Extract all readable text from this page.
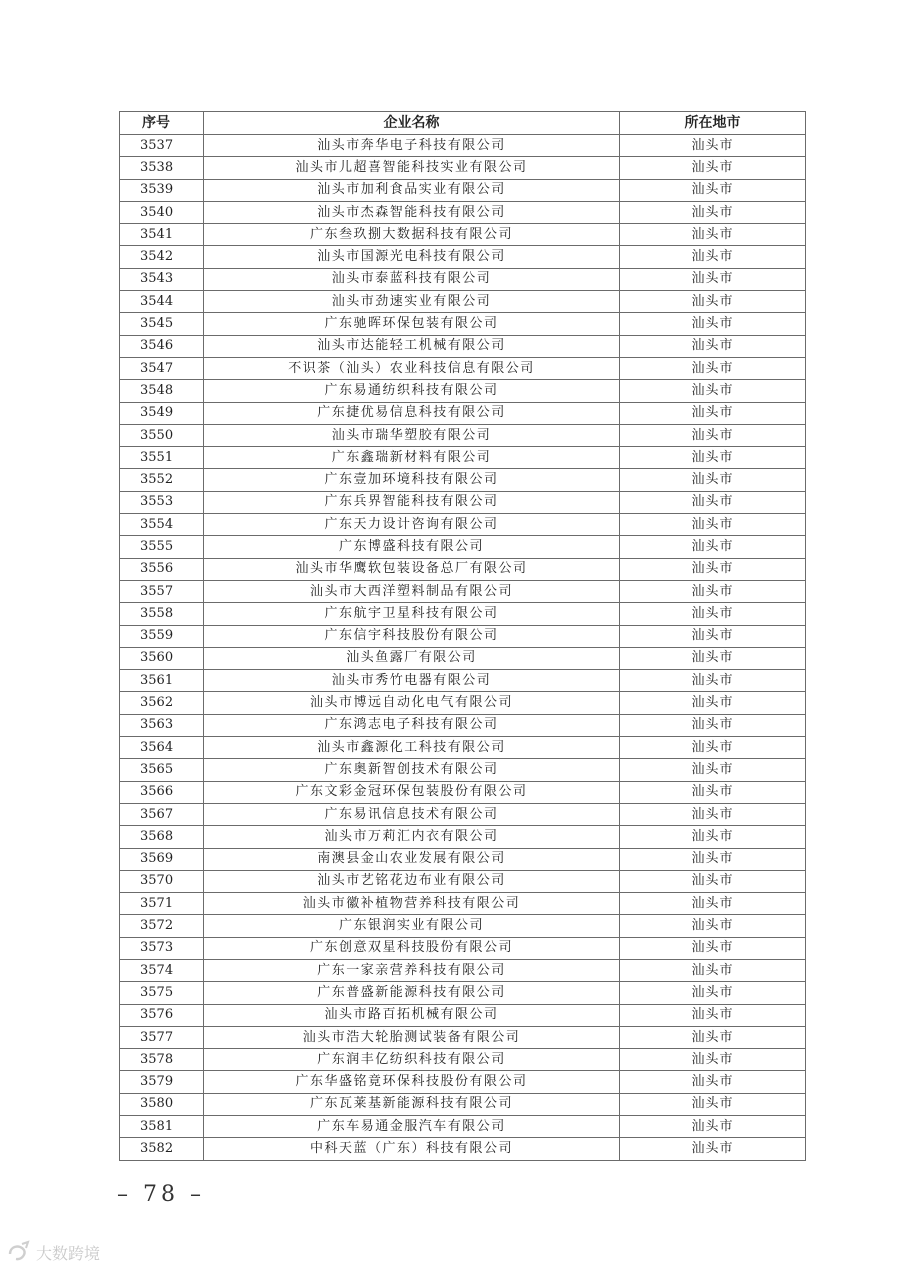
序号	企业名称	所在地市
3537	汕头市奔华电子科技有限公司	汕头市
3538	汕头市儿超喜智能科技实业有限公司	汕头市
3539	汕头市加利食品实业有限公司	汕头市
3540	汕头市杰森智能科技有限公司	汕头市
3541	广东叁玖捌大数据科技有限公司	汕头市
3542	汕头市国源光电科技有限公司	汕头市
3543	汕头市泰蓝科技有限公司	汕头市
3544	汕头市劲速实业有限公司	汕头市
3545	广东驰晖环保包装有限公司	汕头市
3546	汕头市达能轻工机械有限公司	汕头市
3547	不识茶（汕头）农业科技信息有限公司	汕头市
3548	广东易通纺织科技有限公司	汕头市
3549	广东捷优易信息科技有限公司	汕头市
3550	汕头市瑞华塑胶有限公司	汕头市
3551	广东鑫瑞新材料有限公司	汕头市
3552	广东壹加环境科技有限公司	汕头市
3553	广东兵界智能科技有限公司	汕头市
3554	广东天力设计咨询有限公司	汕头市
3555	广东博盛科技有限公司	汕头市
3556	汕头市华鹰软包装设备总厂有限公司	汕头市
3557	汕头市大西洋塑料制品有限公司	汕头市
3558	广东航宇卫星科技有限公司	汕头市
3559	广东信宇科技股份有限公司	汕头市
3560	汕头鱼露厂有限公司	汕头市
3561	汕头市秀竹电器有限公司	汕头市
3562	汕头市博远自动化电气有限公司	汕头市
3563	广东鸿志电子科技有限公司	汕头市
3564	汕头市鑫源化工科技有限公司	汕头市
3565	广东奥新智创技术有限公司	汕头市
3566	广东文彩金冠环保包装股份有限公司	汕头市
3567	广东易讯信息技术有限公司	汕头市
3568	汕头市万莉汇内衣有限公司	汕头市
3569	南澳县金山农业发展有限公司	汕头市
3570	汕头市艺铭花边布业有限公司	汕头市
3571	汕头市徽补植物营养科技有限公司	汕头市
3572	广东银润实业有限公司	汕头市
3573	广东创意双星科技股份有限公司	汕头市
3574	广东一家亲营养科技有限公司	汕头市
3575	广东普盛新能源科技有限公司	汕头市
3576	汕头市路百拓机械有限公司	汕头市
3577	汕头市浩大轮胎测试装备有限公司	汕头市
3578	广东润丰亿纺织科技有限公司	汕头市
3579	广东华盛铭竟环保科技股份有限公司	汕头市
3580	广东瓦莱基新能源科技有限公司	汕头市
3581	广东车易通金服汽车有限公司	汕头市
3582	中科天蓝（广东）科技有限公司	汕头市
– 78 –
大数跨境
